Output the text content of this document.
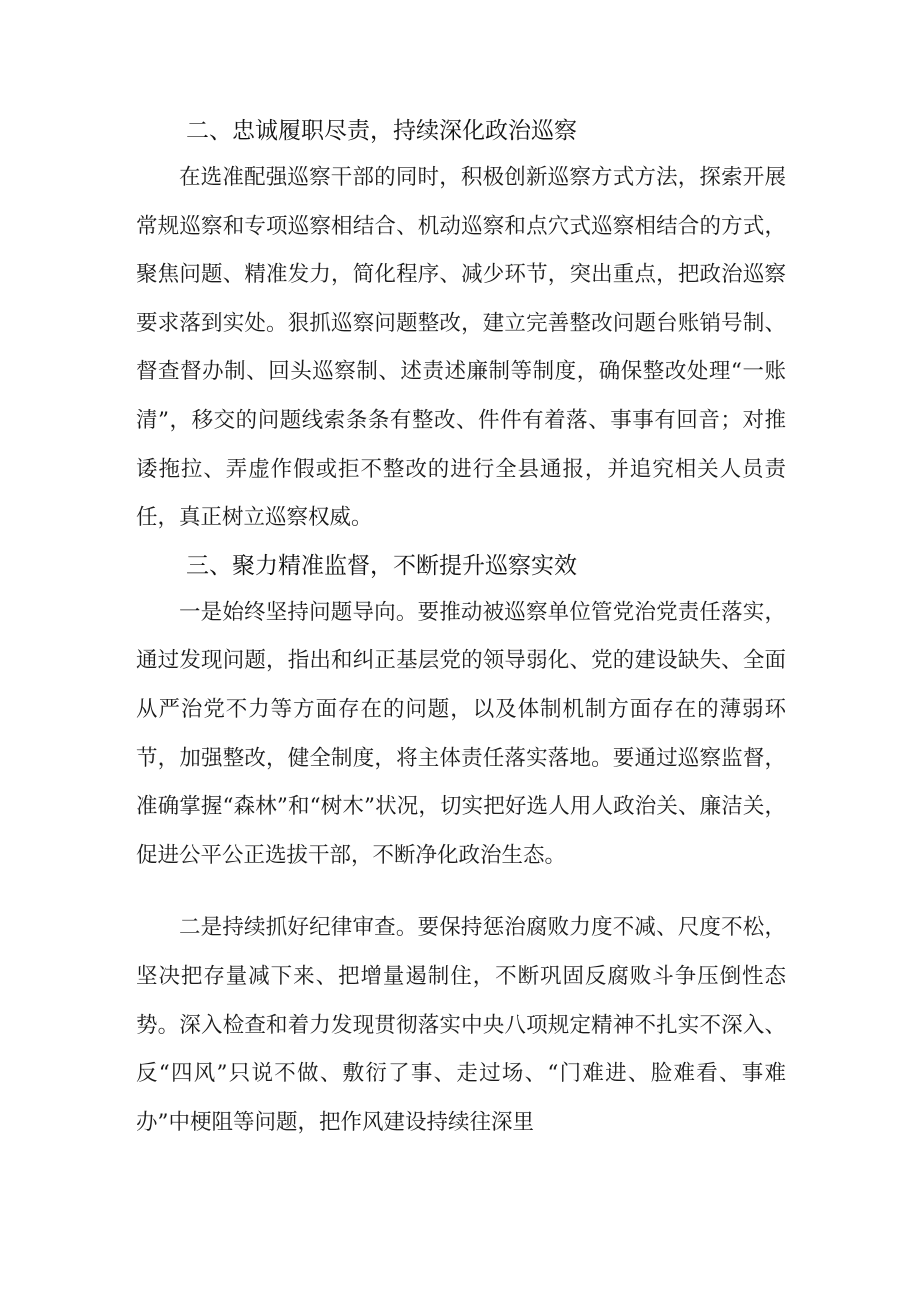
二、忠诚履职尽责，持续深化政治巡察

在选准配强巡察干部的同时，积极创新巡察方式方法，探索开展常规巡察和专项巡察相结合、机动巡察和点穴式巡察相结合的方式，聚焦问题、精准发力，简化程序、减少环节，突出重点，把政治巡察要求落到实处。狠抓巡察问题整改，建立完善整改问题台账销号制、督查督办制、回头巡察制、述责述廉制等制度，确保整改处理“一账清”，移交的问题线索条条有整改、件件有着落、事事有回音；对推诿拖拉、弄虚作假或拒不整改的进行全县通报，并追究相关人员责任，真正树立巡察权威。

三、聚力精准监督，不断提升巡察实效

一是始终坚持问题导向。要推动被巡察单位管党治党责任落实，通过发现问题，指出和纠正基层党的领导弱化、党的建设缺失、全面从严治党不力等方面存在的问题，以及体制机制方面存在的薄弱环节，加强整改，健全制度，将主体责任落实落地。要通过巡察监督，准确掌握“森林”和“树木”状况，切实把好选人用人政治关、廉洁关，促进公平公正选拔干部，不断净化政治生态。

二是持续抓好纪律审查。要保持惩治腐败力度不减、尺度不松，坚决把存量减下来、把增量遏制住，不断巩固反腐败斗争压倒性态势。深入检查和着力发现贯彻落实中央八项规定精神不扎实不深入、反“四风”只说不做、敷衍了事、走过场、“门难进、脸难看、事难办”中梗阻等问题，把作风建设持续往深里
